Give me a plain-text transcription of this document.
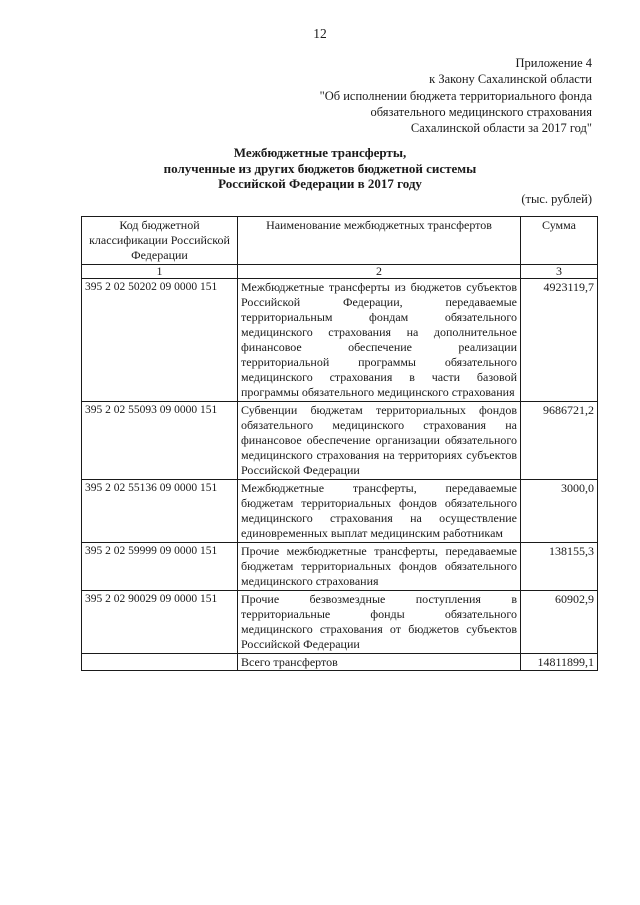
12
Приложение 4
к Закону Сахалинской области
"Об исполнении бюджета территориального фонда
обязательного медицинского страхования
Сахалинской области за 2017 год"
Межбюджетные трансферты,
полученные из других бюджетов бюджетной системы
Российской Федерации в 2017 году
(тыс. рублей)
Код бюджетной классификации Российской Федерации	Наименование межбюджетных трансфертов	Сумма
1	2	3
395 2 02 50202 09 0000 151	Межбюджетные трансферты из бюджетов субъектов Российской Федерации, передаваемые территориальным фондам обязательного медицинского страхования на дополнительное финансовое обеспечение реализации территориальной программы обязательного медицинского страхования в части базовой программы обязательного медицинского страхования	4923119,7
395 2 02 55093 09 0000 151	Субвенции бюджетам территориальных фондов обязательного медицинского страхования на финансовое обеспечение организации обязательного медицинского страхования на территориях субъектов Российской Федерации	9686721,2
395 2 02 55136 09 0000 151	Межбюджетные трансферты, передаваемые бюджетам территориальных фондов обязательного медицинского страхования на осуществление единовременных выплат медицинским работникам	3000,0
395 2 02 59999 09 0000 151	Прочие межбюджетные трансферты, передаваемые бюджетам территориальных фондов обязательного медицинского страхования	138155,3
395 2 02 90029 09 0000 151	Прочие безвозмездные поступления в территориальные фонды обязательного медицинского страхования от бюджетов субъектов Российской Федерации	60902,9
	Всего трансфертов	14811899,1
